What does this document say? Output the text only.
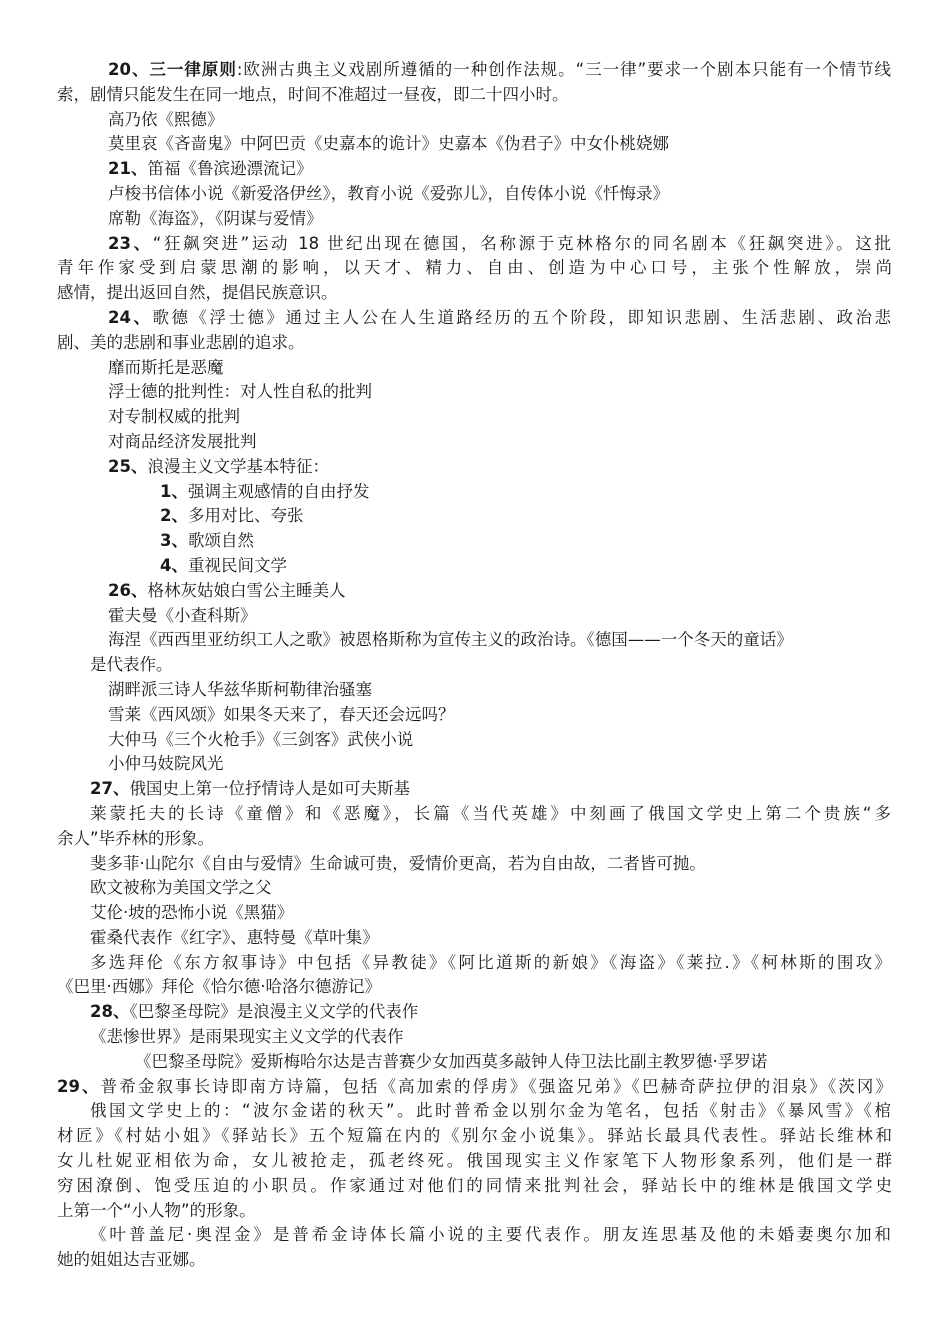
20、三一律原则:欧洲古典主义戏剧所遵循的一种创作法规。“三一律”要求一个剧本只能有一个情节线
索，剧情只能发生在同一地点，时间不准超过一昼夜，即二十四小时。
高乃依《熙德》
莫里哀《吝啬鬼》中阿巴贡《史嘉本的诡计》史嘉本《伪君子》中女仆桃娆娜
21、笛福《鲁滨逊漂流记》
卢梭书信体小说《新爱洛伊丝》，教育小说《爱弥儿》，自传体小说《忏悔录》
席勒《海盗》，《阴谋与爱情》
23、“狂飙突进”运动 18 世纪出现在德国，名称源于克林格尔的同名剧本《狂飙突进》。这批
青年作家受到启蒙思潮的影响，以天才、精力、自由、创造为中心口号，主张个性解放，崇尚
感情，提出返回自然，提倡民族意识。
24、歌德《浮士德》通过主人公在人生道路经历的五个阶段，即知识悲剧、生活悲剧、政治悲
剧、美的悲剧和事业悲剧的追求。
靡而斯托是恶魔
浮士德的批判性：对人性自私的批判
对专制权威的批判
对商品经济发展批判
25、浪漫主义文学基本特征：
1、强调主观感情的自由抒发
2、多用对比、夸张
3、歌颂自然
4、重视民间文学
26、格林灰姑娘白雪公主睡美人
霍夫曼《小查科斯》
海涅《西西里亚纺织工人之歌》被恩格斯称为宣传主义的政治诗。《德国——一个冬天的童话》
是代表作。
湖畔派三诗人华兹华斯柯勒律治骚塞
雪莱《西风颂》如果冬天来了，春天还会远吗？
大仲马《三个火枪手》《三剑客》武侠小说
小仲马妓院风光
27、俄国史上第一位抒情诗人是如可夫斯基
莱蒙托夫的长诗《童僧》和《恶魔》，长篇《当代英雄》中刻画了俄国文学史上第二个贵族“多
余人”毕乔林的形象。
斐多菲·山陀尔《自由与爱情》生命诚可贵，爱情价更高，若为自由故，二者皆可抛。
欧文被称为美国文学之父
艾伦·坡的恐怖小说《黑猫》
霍桑代表作《红字》、惠特曼《草叶集》
多选拜伦《东方叙事诗》中包括《异教徒》《阿比道斯的新娘》《海盗》《莱拉.》《柯林斯的围攻》
《巴里·西娜》拜伦《恰尔德·哈洛尔德游记》
28、《巴黎圣母院》是浪漫主义文学的代表作
《悲惨世界》是雨果现实主义文学的代表作
《巴黎圣母院》爱斯梅哈尔达是吉普赛少女加西莫多敲钟人侍卫法比副主教罗德·孚罗诺
29、普希金叙事长诗即南方诗篇，包括《高加索的俘虏》《强盗兄弟》《巴赫奇萨拉伊的泪泉》《茨冈》
俄国文学史上的：“波尔金诺的秋天”。此时普希金以别尔金为笔名，包括《射击》《暴风雪》《棺
材匠》《村姑小姐》《驿站长》五个短篇在内的《别尔金小说集》。驿站长最具代表性。驿站长维林和
女儿杜妮亚相依为命，女儿被抢走，孤老终死。俄国现实主义作家笔下人物形象系列，他们是一群
穷困潦倒、饱受压迫的小职员。作家通过对他们的同情来批判社会，驿站长中的维林是俄国文学史
上第一个“小人物”的形象。
《叶普盖尼·奥涅金》是普希金诗体长篇小说的主要代表作。朋友连思基及他的未婚妻奥尔加和
她的姐姐达吉亚娜。
